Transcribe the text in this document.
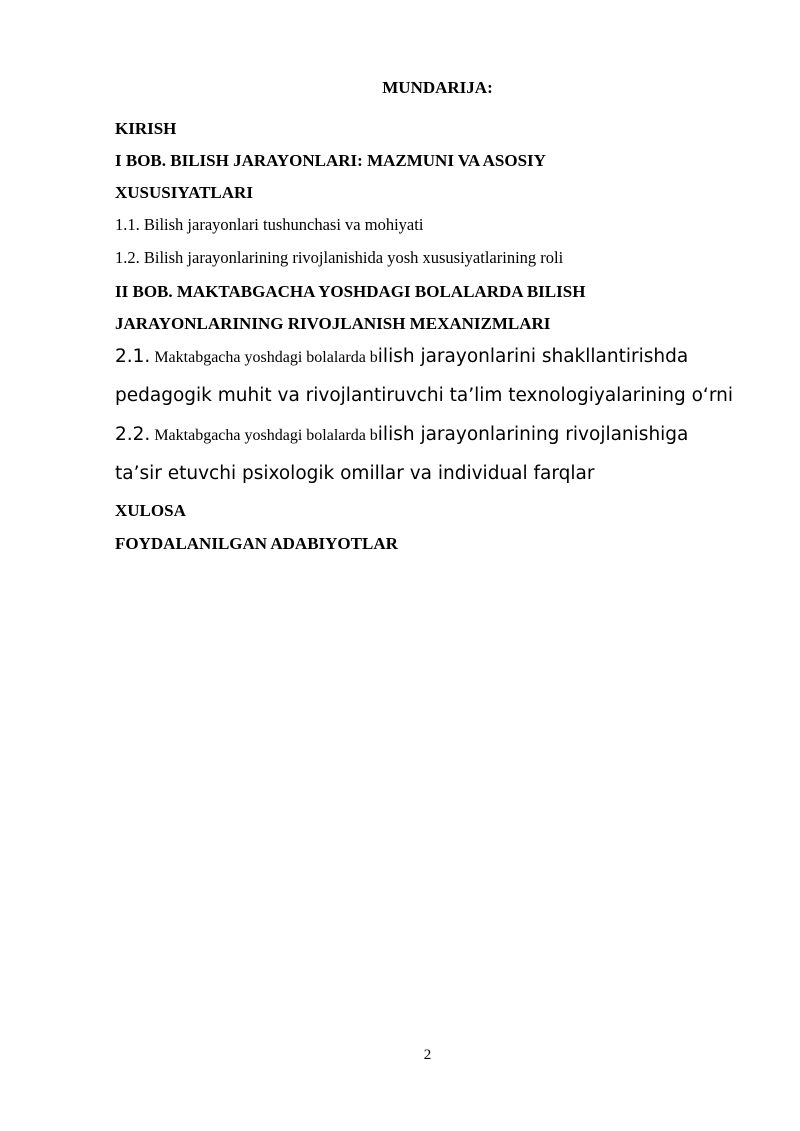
MUNDARIJA:
KIRISH
I BOB. BILISH JARAYONLARI: MAZMUNI VA ASOSIY
XUSUSIYATLARI
1.1. Bilish jarayonlari tushunchasi va mohiyati
1.2. Bilish jarayonlarining rivojlanishida yosh xususiyatlarining roli
II BOB. MAKTABGACHA YOSHDAGI BOLALARDA BILISH
JARAYONLARINING RIVOJLANISH MEXANIZMLARI
2.1. Maktabgacha yoshdagi bolalarda bilish jarayonlarini shakllantirishda
pedagogik muhit va rivojlantiruvchi ta’lim texnologiyalarining o‘rni
2.2. Maktabgacha yoshdagi bolalarda bilish jarayonlarining rivojlanishiga
ta’sir etuvchi psixologik omillar va individual farqlar
XULOSA
FOYDALANILGAN ADABIYOTLAR
2
